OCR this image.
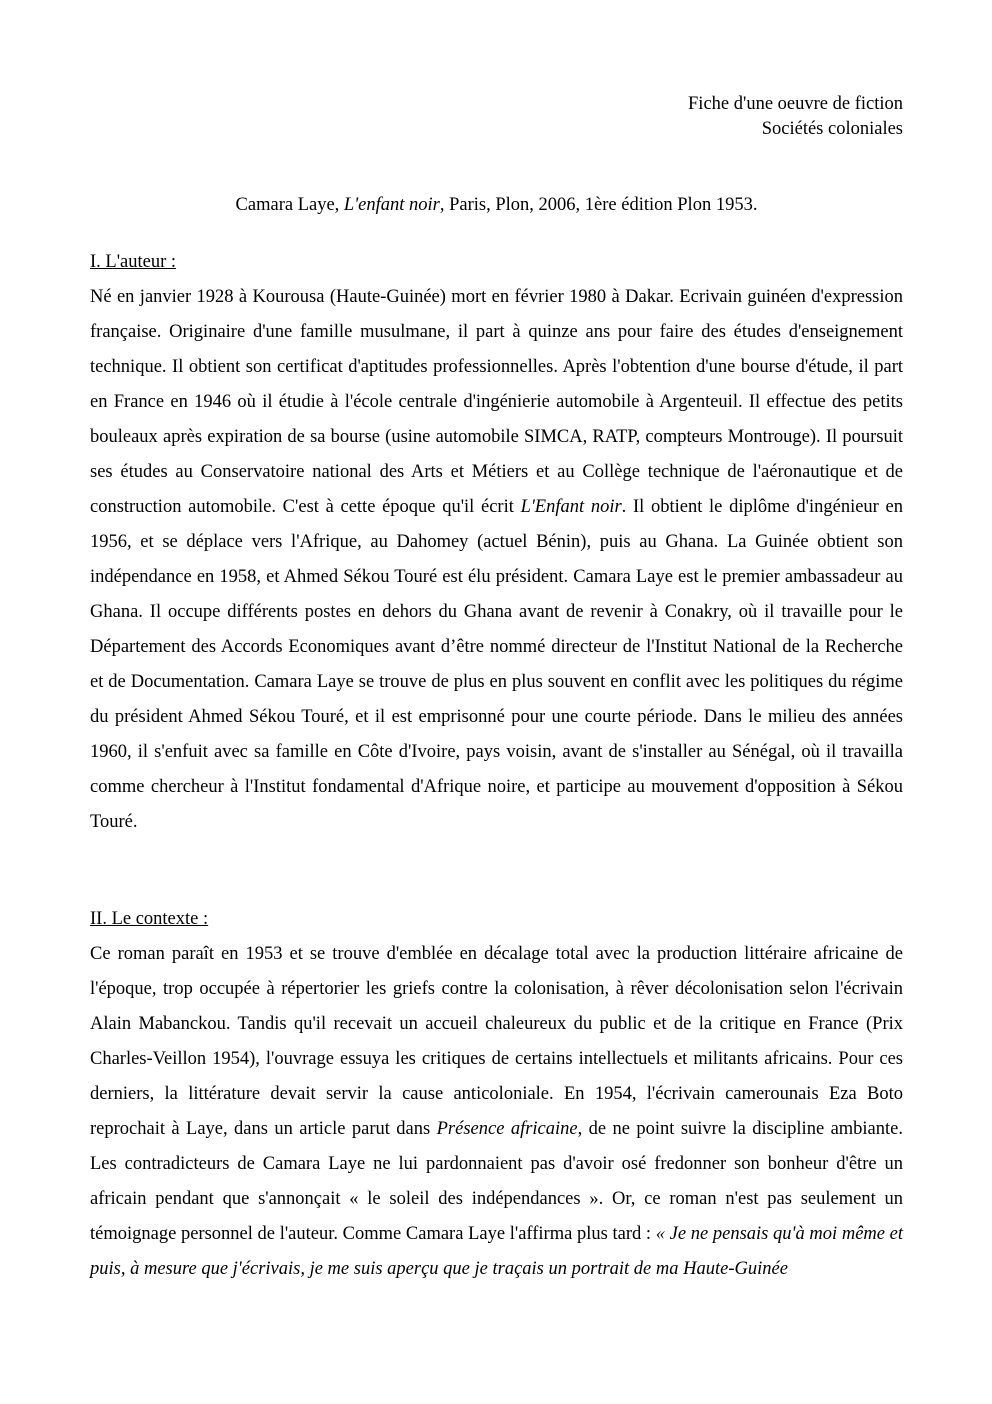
Fiche d'une oeuvre de fiction
Sociétés coloniales
Camara Laye, L'enfant noir, Paris, Plon, 2006, 1ère édition Plon 1953.
I. L'auteur :

Né en janvier 1928 à Kourousa (Haute-Guinée) mort en février 1980 à Dakar. Ecrivain guinéen d'expression française. Originaire d'une famille musulmane, il part à quinze ans pour faire des études d'enseignement technique. Il obtient son certificat d'aptitudes professionnelles. Après l'obtention d'une bourse d'étude, il part en France en 1946 où il étudie à l'école centrale d'ingénierie automobile à Argenteuil. Il effectue des petits bouleaux après expiration de sa bourse (usine automobile SIMCA, RATP, compteurs Montrouge). Il poursuit ses études au Conservatoire national des Arts et Métiers et au Collège technique de l'aéronautique et de construction automobile. C'est à cette époque qu'il écrit L'Enfant noir. Il obtient le diplôme d'ingénieur en 1956, et se déplace vers l'Afrique, au Dahomey (actuel Bénin), puis au Ghana. La Guinée obtient son indépendance en 1958, et Ahmed Sékou Touré est élu président. Camara Laye est le premier ambassadeur au Ghana. Il occupe différents postes en dehors du Ghana avant de revenir à Conakry, où il travaille pour le Département des Accords Economiques avant d’être nommé directeur de l'Institut National de la Recherche et de Documentation. Camara Laye se trouve de plus en plus souvent en conflit avec les politiques du régime du président Ahmed Sékou Touré, et il est emprisonné pour une courte période. Dans le milieu des années 1960, il s'enfuit avec sa famille en Côte d'Ivoire, pays voisin, avant de s'installer au Sénégal, où il travailla comme chercheur à l'Institut fondamental d'Afrique noire, et participe au mouvement d'opposition à Sékou Touré.

II. Le contexte :

Ce roman paraît en 1953 et se trouve d'emblée en décalage total avec la production littéraire africaine de l'époque, trop occupée à répertorier les griefs contre la colonisation, à rêver décolonisation selon l'écrivain Alain Mabanckou. Tandis qu'il recevait un accueil chaleureux du public et de la critique en France (Prix Charles-Veillon 1954), l'ouvrage essuya les critiques de certains intellectuels et militants africains. Pour ces derniers, la littérature devait servir la cause anticoloniale. En 1954, l'écrivain camerounais Eza Boto reprochait à Laye, dans un article parut dans Présence africaine, de ne point suivre la discipline ambiante. Les contradicteurs de Camara Laye ne lui pardonnaient pas d'avoir osé fredonner son bonheur d'être un africain pendant que s'annonçait « le soleil des indépendances ». Or, ce roman n'est pas seulement un témoignage personnel de l'auteur. Comme Camara Laye l'affirma plus tard : « Je ne pensais qu'à moi même et puis, à mesure que j'écrivais, je me suis aperçu que je traçais un portrait de ma Haute-Guinée
